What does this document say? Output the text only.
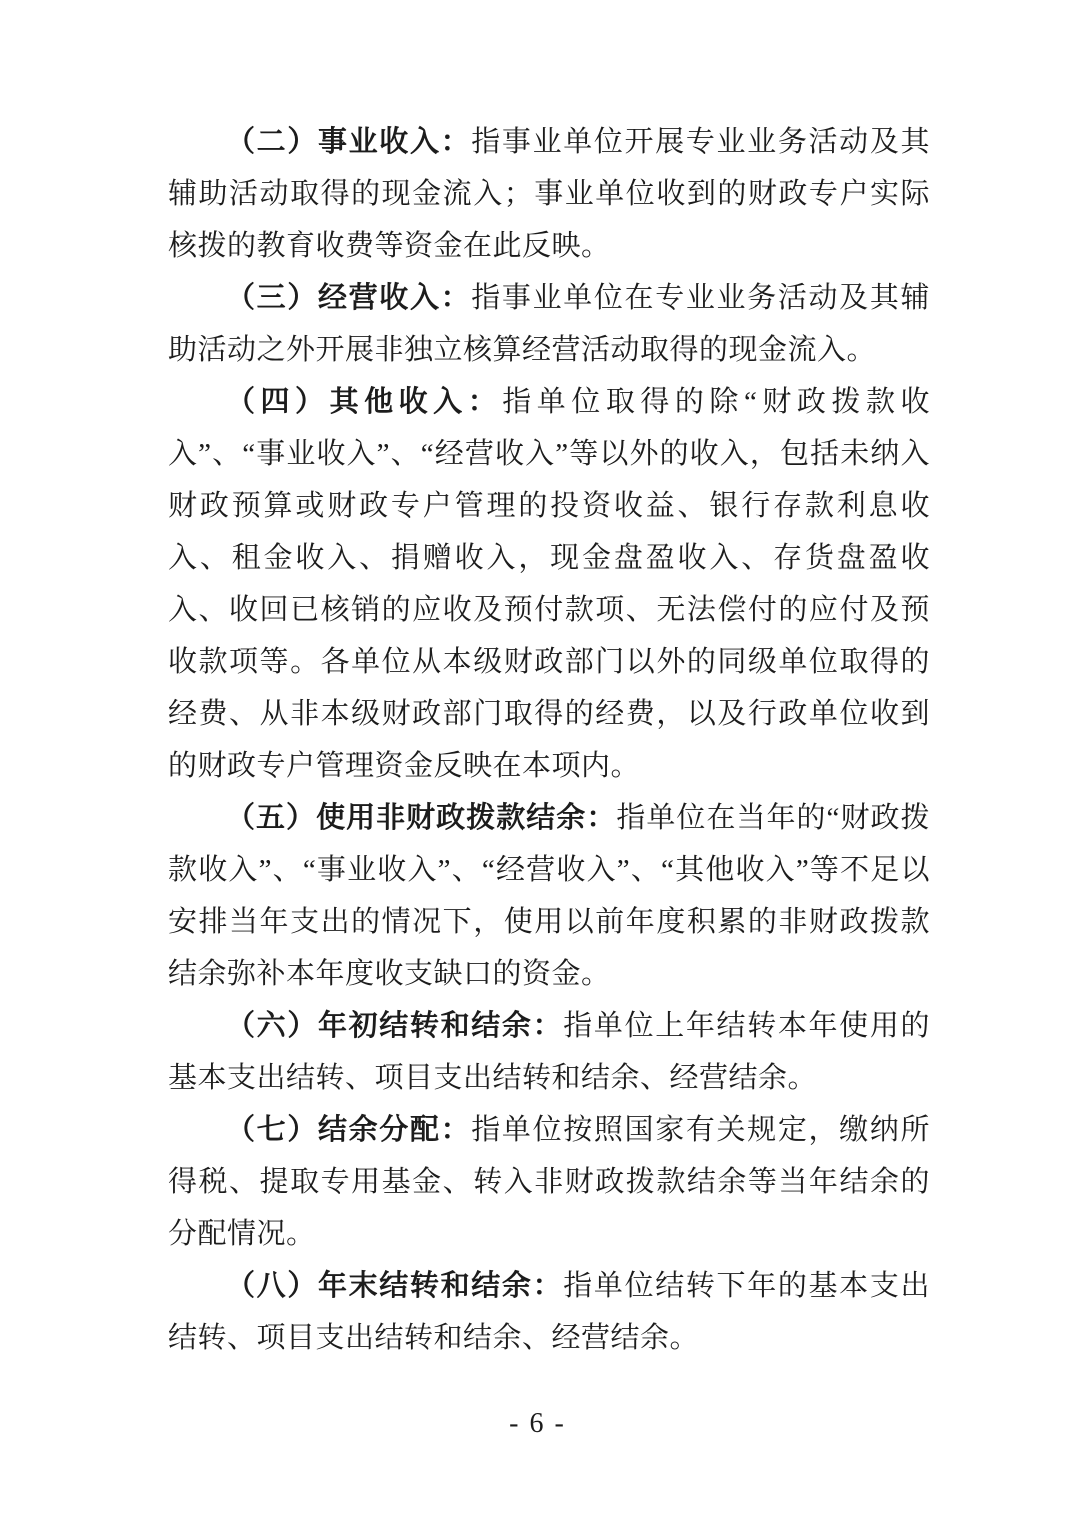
（二）事业收入：指事业单位开展专业业务活动及其辅助活动取得的现金流入；事业单位收到的财政专户实际核拨的教育收费等资金在此反映。

（三）经营收入：指事业单位在专业业务活动及其辅助活动之外开展非独立核算经营活动取得的现金流入。

（四）其他收入：指单位取得的除“财政拨款收入”、“事业收入”、“经营收入”等以外的收入，包括未纳入财政预算或财政专户管理的投资收益、银行存款利息收入、租金收入、捐赠收入，现金盘盈收入、存货盘盈收入、收回已核销的应收及预付款项、无法偿付的应付及预收款项等。各单位从本级财政部门以外的同级单位取得的经费、从非本级财政部门取得的经费，以及行政单位收到的财政专户管理资金反映在本项内。

（五）使用非财政拨款结余：指单位在当年的“财政拨款收入”、“事业收入”、“经营收入”、“其他收入”等不足以安排当年支出的情况下，使用以前年度积累的非财政拨款结余弥补本年度收支缺口的资金。

（六）年初结转和结余：指单位上年结转本年使用的基本支出结转、项目支出结转和结余、经营结余。

（七）结余分配：指单位按照国家有关规定，缴纳所得税、提取专用基金、转入非财政拨款结余等当年结余的分配情况。

（八）年末结转和结余：指单位结转下年的基本支出结转、项目支出结转和结余、经营结余。

- 6 -
